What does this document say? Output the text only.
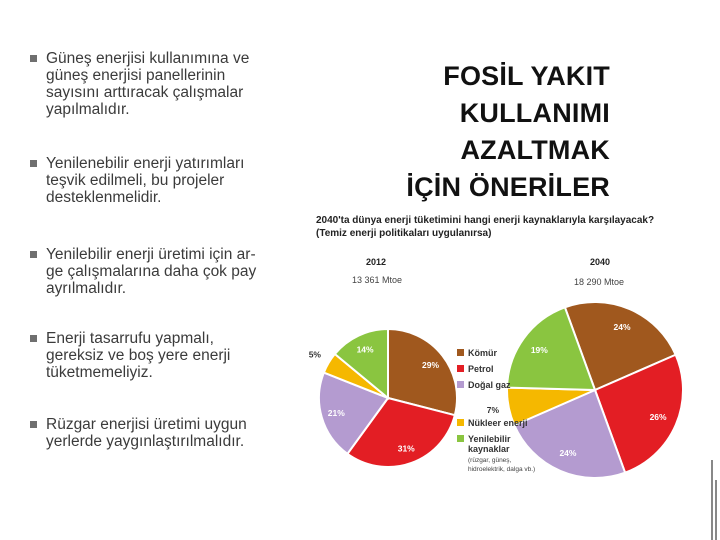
Güneş enerjisi kullanımına ve
güneş enerjisi panellerinin
sayısını arttıracak çalışmalar
yapılmalıdır.
Yenilenebilir enerji yatırımları
teşvik edilmeli, bu projeler
desteklenmelidir.
Yenilebilir enerji üretimi için ar-
ge çalışmalarına daha çok pay
ayrılmalıdır.
Enerji tasarrufu yapmalı,
gereksiz ve boş yere enerji
tüketmemeliyiz.
Rüzgar enerjisi üretimi uygun
yerlerde yaygınlaştırılmalıdır.
FOSİL YAKIT
KULLANIMI
AZALTMAK
İÇİN ÖNERİLER
2040'ta dünya enerji tüketimini hangi enerji kaynaklarıyla karşılayacak?
(Temiz enerji politikaları uygulanırsa)
2012
13 361 Mtoe
2040
18 290 Mtoe
29%
31%
21%
5%
14%
24%
26%
24%
7%
19%
Kömür
Petrol
Doğal gaz
Nükleer enerji
Yenilebilir kaynaklar
(rüzgar, güneş, hidroelektrik, dalga vb.)
